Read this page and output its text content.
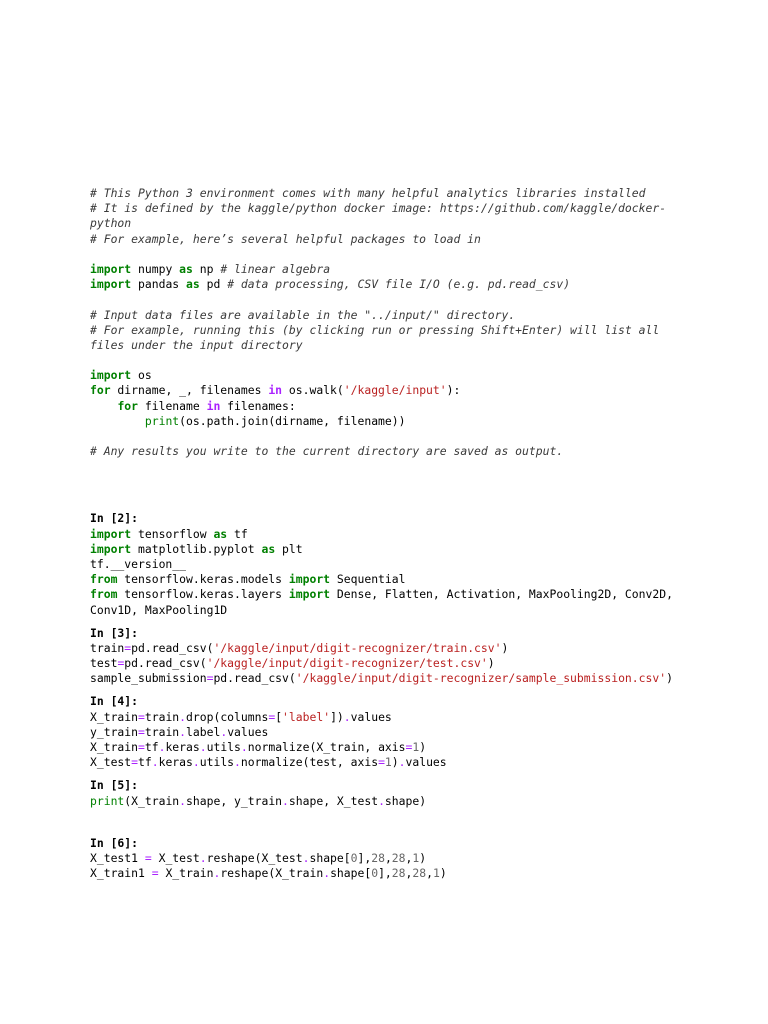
# This Python 3 environment comes with many helpful analytics libraries installed
# It is defined by the kaggle/python docker image: https://github.com/kaggle/docker-
python
# For example, here’s several helpful packages to load in
import numpy as np # linear algebra
import pandas as pd # data processing, CSV file I/O (e.g. pd.read_csv)
# Input data files are available in the "../input/" directory.
# For example, running this (by clicking run or pressing Shift+Enter) will list all
files under the input directory
import os
for dirname, _, filenames in os.walk('/kaggle/input'):
for filename in filenames:
print(os.path.join(dirname, filename))
# Any results you write to the current directory are saved as output.
In [2]:
import tensorflow as tf
import matplotlib.pyplot as plt
tf.__version__
from tensorflow.keras.models import Sequential
from tensorflow.keras.layers import Dense, Flatten, Activation, MaxPooling2D, Conv2D,
Conv1D, MaxPooling1D
In [3]:
train=pd.read_csv('/kaggle/input/digit-recognizer/train.csv')
test=pd.read_csv('/kaggle/input/digit-recognizer/test.csv')
sample_submission=pd.read_csv('/kaggle/input/digit-recognizer/sample_submission.csv')
In [4]:
X_train=train.drop(columns=['label']).values
y_train=train.label.values
X_train=tf.keras.utils.normalize(X_train, axis=1)
X_test=tf.keras.utils.normalize(test, axis=1).values
In [5]:
print(X_train.shape, y_train.shape, X_test.shape)
In [6]:
X_test1 = X_test.reshape(X_test.shape[0],28,28,1)
X_train1 = X_train.reshape(X_train.shape[0],28,28,1)
